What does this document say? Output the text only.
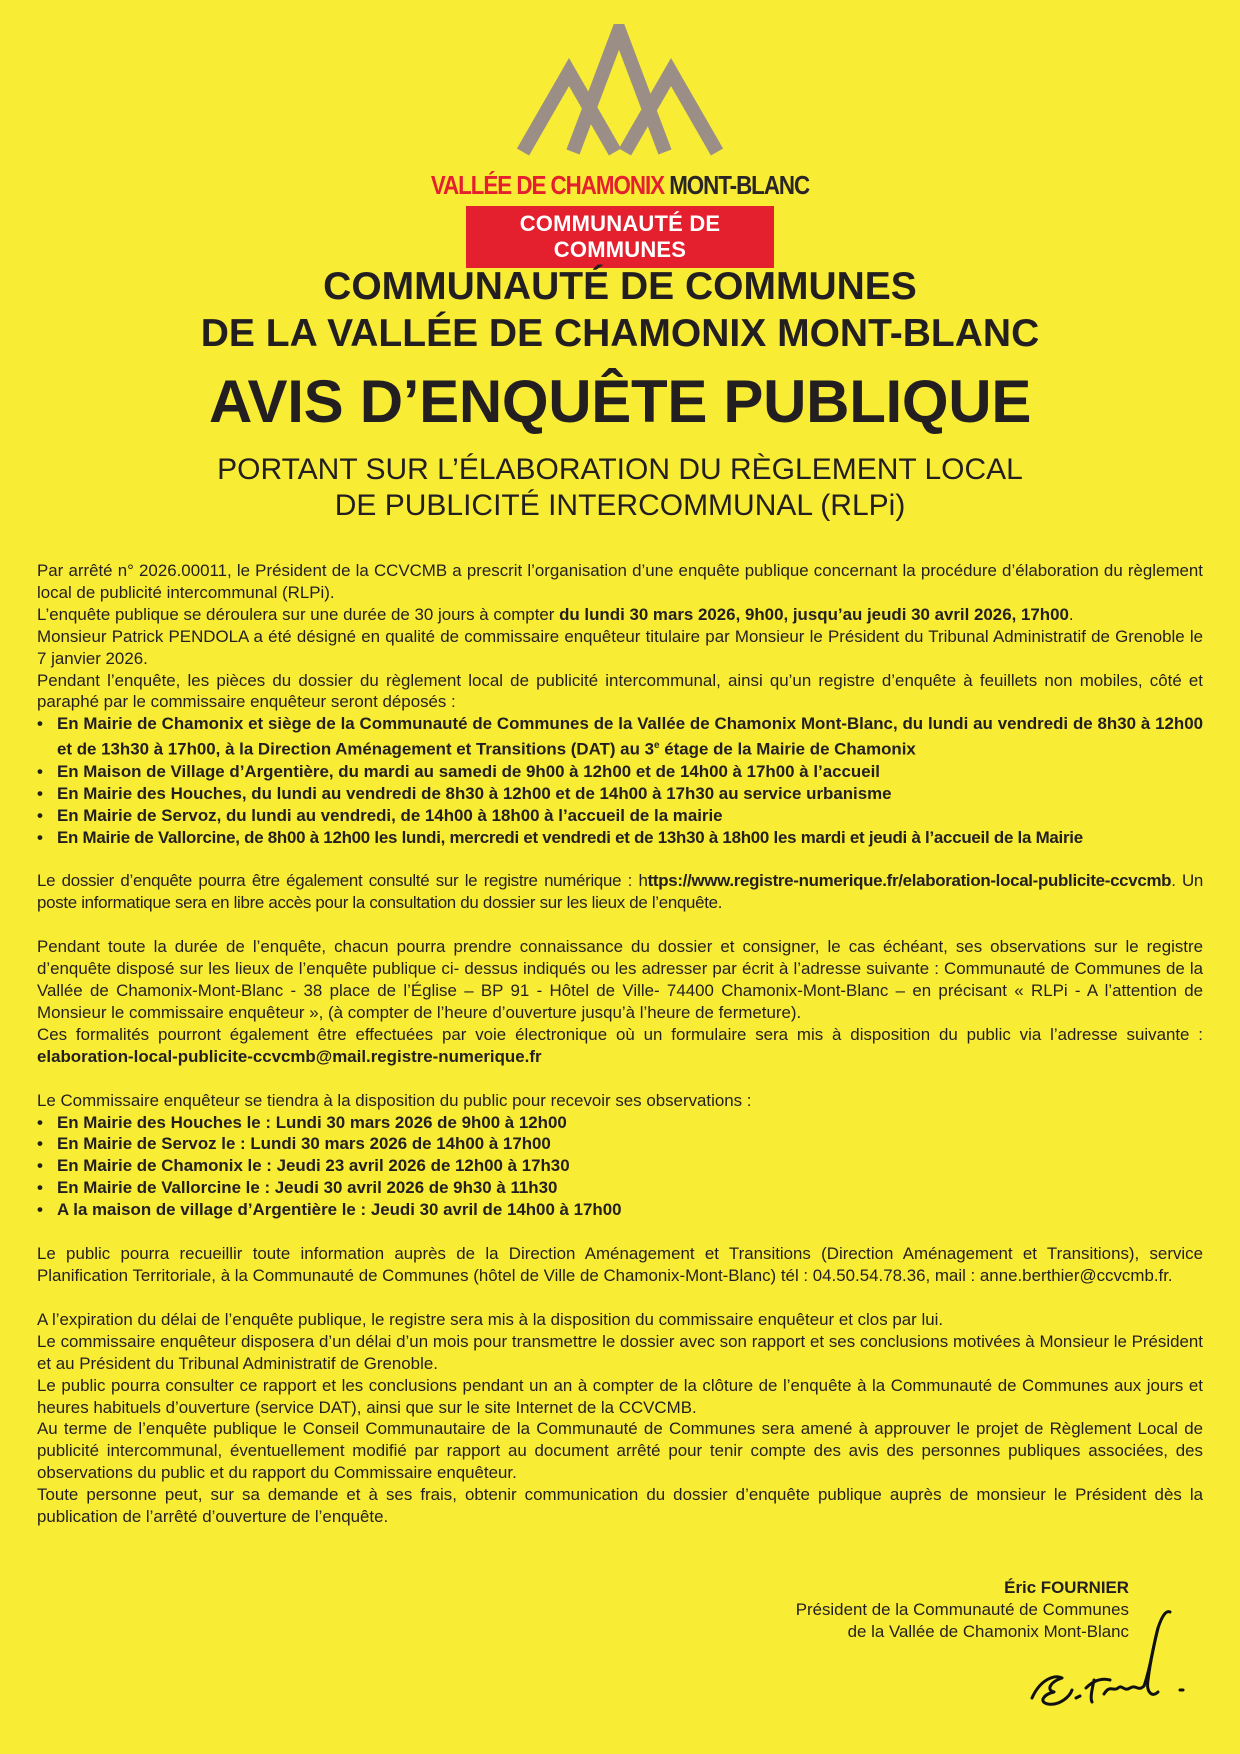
VALLÉE DE CHAMONIX MONT-BLANC
COMMUNAUTÉ DE COMMUNES
COMMUNAUTÉ DE COMMUNES
DE LA VALLÉE DE CHAMONIX MONT-BLANC
AVIS D’ENQUÊTE PUBLIQUE
PORTANT SUR L’ÉLABORATION DU RÈGLEMENT LOCAL
DE PUBLICITÉ INTERCOMMUNAL (RLPi)

Par arrêté n° 2026.00011, le Président de la CCVCMB a prescrit l’organisation d’une enquête publique concernant la procédure d’élaboration du règlement local de publicité intercommunal (RLPi).

L’enquête publique se déroulera sur une durée de 30 jours à compter du lundi 30 mars 2026, 9h00, jusqu’au jeudi 30 avril 2026, 17h00.

Monsieur Patrick PENDOLA a été désigné en qualité de commissaire enquêteur titulaire par Monsieur le Président du Tribunal Administratif de Grenoble le 7 janvier 2026.

Pendant l’enquête, les pièces du dossier du règlement local de publicité intercommunal, ainsi qu’un registre d’enquête à feuillets non mobiles, côté et paraphé par le commissaire enquêteur seront déposés :

• En Mairie de Chamonix et siège de la Communauté de Communes de la Vallée de Chamonix Mont-Blanc, du lundi au vendredi de 8h30 à 12h00 et de 13h30 à 17h00, à la Direction Aménagement et Transitions (DAT) au 3e étage de la Mairie de Chamonix
• En Maison de Village d’Argentière, du mardi au samedi de 9h00 à 12h00 et de 14h00 à 17h00 à l’accueil
• En Mairie des Houches, du lundi au vendredi de 8h30 à 12h00 et de 14h00 à 17h30 au service urbanisme
• En Mairie de Servoz, du lundi au vendredi, de 14h00 à 18h00 à l’accueil de la mairie
• En Mairie de Vallorcine, de 8h00 à 12h00 les lundi, mercredi et vendredi et de 13h30 à 18h00 les mardi et jeudi à l’accueil de la Mairie

Le dossier d’enquête pourra être également consulté sur le registre numérique : https://www.registre-numerique.fr/elaboration-local-publicite-ccvcmb. Un poste informatique sera en libre accès pour la consultation du dossier sur les lieux de l’enquête.

Pendant toute la durée de l’enquête, chacun pourra prendre connaissance du dossier et consigner, le cas échéant, ses observations sur le registre d’enquête disposé sur les lieux de l’enquête publique ci- dessus indiqués ou les adresser par écrit à l’adresse suivante : Communauté de Communes de la Vallée de Chamonix-Mont-Blanc - 38 place de l’Église – BP 91 - Hôtel de Ville- 74400 Chamonix-Mont-Blanc – en précisant « RLPi - A l’attention de Monsieur le commissaire enquêteur », (à compter de l’heure d’ouverture jusqu’à l’heure de fermeture).

Ces formalités pourront également être effectuées par voie électronique où un formulaire sera mis à disposition du public via l’adresse suivante : elaboration-local-publicite-ccvcmb@mail.registre-numerique.fr

Le Commissaire enquêteur se tiendra à la disposition du public pour recevoir ses observations :

• En Mairie des Houches le : Lundi 30 mars 2026 de 9h00 à 12h00
• En Mairie de Servoz le : Lundi 30 mars 2026 de 14h00 à 17h00
• En Mairie de Chamonix le : Jeudi 23 avril 2026 de 12h00 à 17h30
• En Mairie de Vallorcine le : Jeudi 30 avril 2026 de 9h30 à 11h30
• A la maison de village d’Argentière le : Jeudi 30 avril de 14h00 à 17h00

Le public pourra recueillir toute information auprès de la Direction Aménagement et Transitions (Direction Aménagement et Transitions), service Planification Territoriale, à la Communauté de Communes (hôtel de Ville de Chamonix-Mont-Blanc) tél : 04.50.54.78.36, mail : anne.berthier@ccvcmb.fr.

A l’expiration du délai de l’enquête publique, le registre sera mis à la disposition du commissaire enquêteur et clos par lui.

Le commissaire enquêteur disposera d’un délai d’un mois pour transmettre le dossier avec son rapport et ses conclusions motivées à Monsieur le Président et au Président du Tribunal Administratif de Grenoble.

Le public pourra consulter ce rapport et les conclusions pendant un an à compter de la clôture de l’enquête à la Communauté de Communes aux jours et heures habituels d’ouverture (service DAT), ainsi que sur le site Internet de la CCVCMB.

Au terme de l’enquête publique le Conseil Communautaire de la Communauté de Communes sera amené à approuver le projet de Règlement Local de publicité intercommunal, éventuellement modifié par rapport au document arrêté pour tenir compte des avis des personnes publiques associées, des observations du public et du rapport du Commissaire enquêteur.

Toute personne peut, sur sa demande et à ses frais, obtenir communication du dossier d’enquête publique auprès de monsieur le Président dès la publication de l’arrêté d’ouverture de l’enquête.

Éric FOURNIER
Président de la Communauté de Communes
de la Vallée de Chamonix Mont-Blanc
